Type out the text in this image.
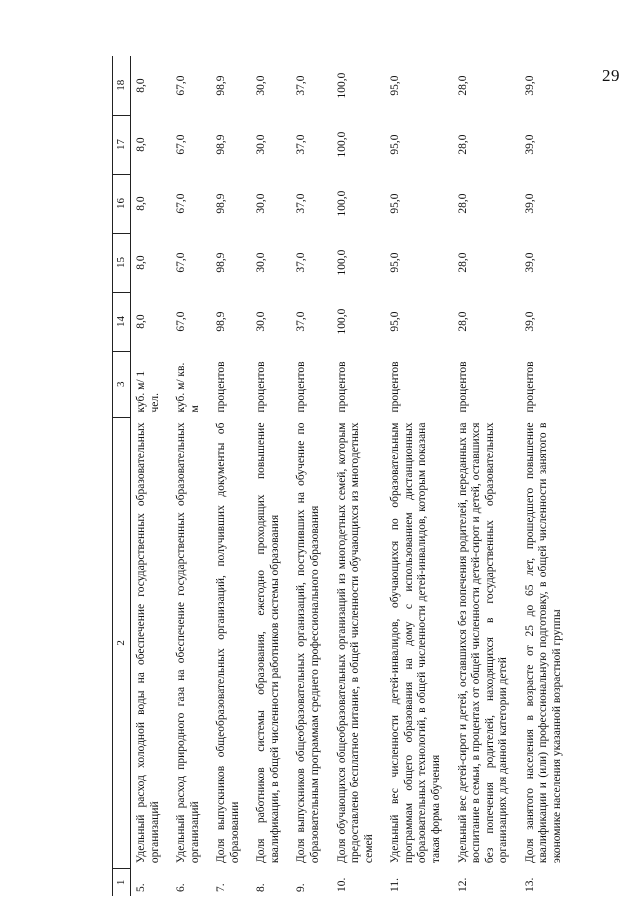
29
1	2	3	14	15	16	17	18
5.	Удельный расход холодной воды на обеспечение государственных образовательных организаций	куб. м/ 1 чел.	8,0	8,0	8,0	8,0	8,0
6.	Удельный расход природного газа на обеспечение государственных образовательных организаций	куб. м/ кв. м	67,0	67,0	67,0	67,0	67,0
7.	Доля выпускников общеобразовательных организаций, получивших документы об образовании	процентов	98,9	98,9	98,9	98,9	98,9
8.	Доля работников системы образования, ежегодно проходящих повышение квалификации, в общей численности работников системы образования	процентов	30,0	30,0	30,0	30,0	30,0
9.	Доля выпускников общеобразовательных организаций, поступивших на обучение по образовательным программам среднего профессионального образования	процентов	37,0	37,0	37,0	37,0	37,0
10.	Доля обучающихся общеобразовательных организаций из многодетных семей, которым предоставлено бесплатное питание, в общей численности обучающихся из многодетных семей	процентов	100,0	100,0	100,0	100,0	100,0
11.	Удельный вес численности детей-инвалидов, обучающихся по образовательным программам общего образования на дому с использованием дистанционных образовательных технологий, в общей численности детей-инвалидов, которым показана такая форма обучения	процентов	95,0	95,0	95,0	95,0	95,0
12.	Удельный вес детей-сирот и детей, оставшихся без попечения родителей, переданных на воспитание в семьи, в процентах от общей численности детей-сирот и детей, оставшихся без попечения родителей, находящихся в государственных образовательных организациях для данной категории детей	процентов	28,0	28,0	28,0	28,0	28,0
13.	Доля занятого населения в возрасте от 25 до 65 лет, прошедшего повышение квалификации и (или) профессиональную подготовку, в общей численности занятого в экономике населения указанной возрастной группы	процентов	39,0	39,0	39,0	39,0	39,0
